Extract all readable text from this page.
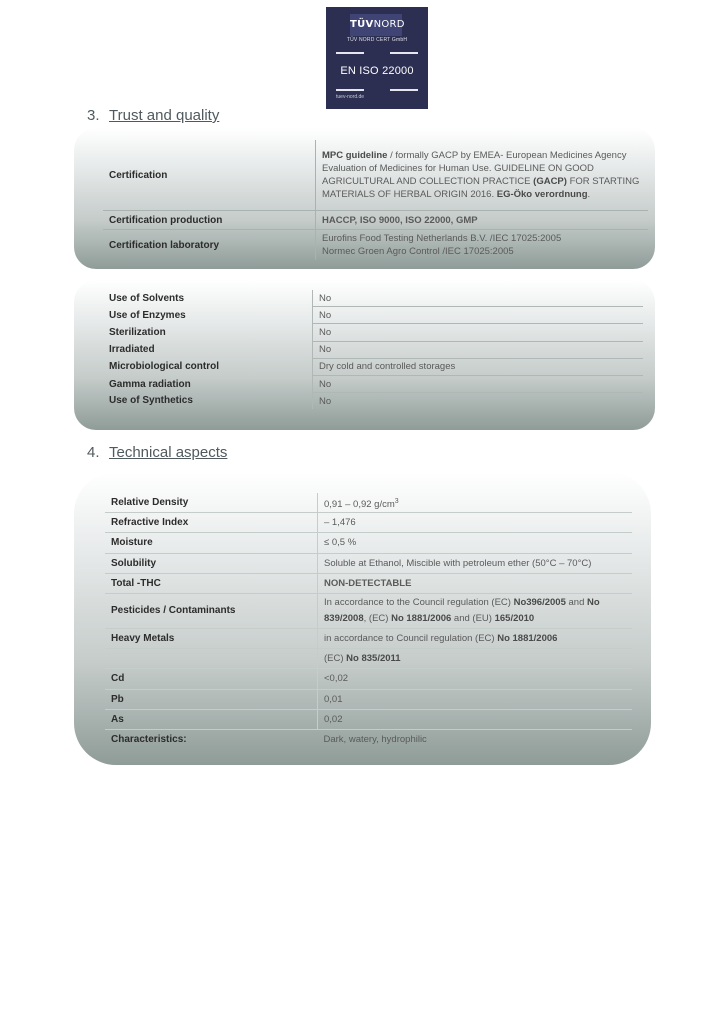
TÜVNORD
TÜV NORD CERT GmbH
EN ISO 22000
tuev-nord.de
3. Trust and quality
Certification	MPC guideline / formally GACP by EMEA- European Medicines Agency Evaluation of Medicines for Human Use. GUIDELINE ON GOOD AGRICULTURAL AND COLLECTION PRACTICE (GACP) FOR STARTING MATERIALS OF HERBAL ORIGIN 2016. EG-Öko verordnung.
Certification production	HACCP, ISO 9000, ISO 22000, GMP
Certification laboratory	Eurofins Food Testing Netherlands B.V. /IEC 17025:2005
Normec Groen Agro Control /IEC 17025:2005
Use of Solvents	No
Use of Enzymes	No
Sterilization	No
Irradiated	No
Microbiological control	Dry cold and controlled storages
Gamma radiation	No
Use of Synthetics	No
4. Technical aspects
Relative Density	0,91 – 0,92 $g/cm^3$
Refractive Index	– 1,476
Moisture	≤ 0,5 %
Solubility	Soluble at Ethanol, Miscible with petroleum ether (50°C – 70°C)
Total -THC	NON-DETECTABLE
Pesticides / Contaminants	In accordance to the Council regulation (EC) No396/2005 and No 839/2008, (EC) No 1881/2006 and (EU) 165/2010
Heavy Metals	in accordance to Council regulation (EC) No 1881/2006
	(EC) No 835/2011
Cd	<0,02
Pb	0,01
As	0,02
Characteristics:	Dark, watery, hydrophilic
